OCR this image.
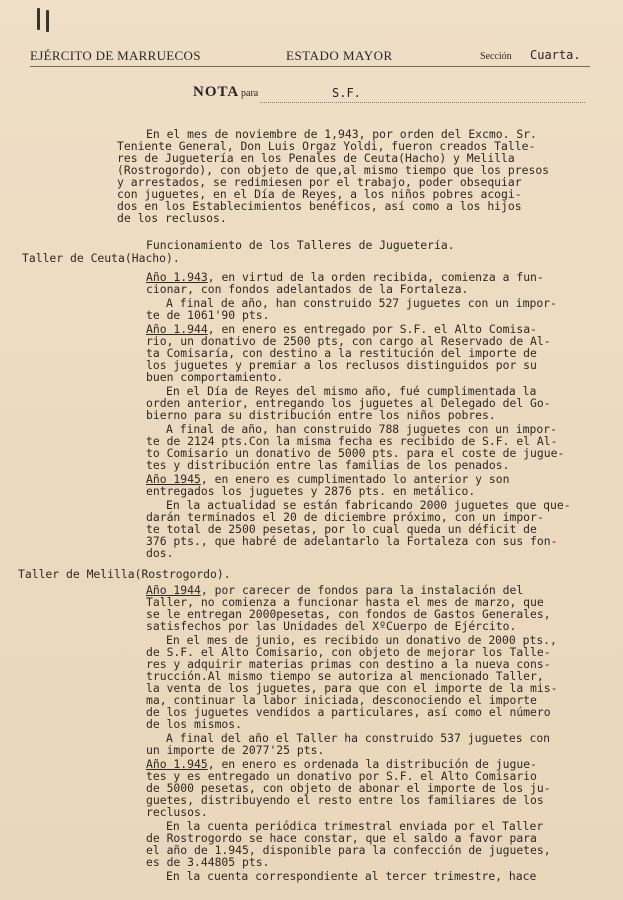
EJÉRCITO DE MARRUECOS	ESTADO MAYOR	Sección Cuarta.
NOTA para	S.F.
En el mes de noviembre de 1,943, por orden del Excmo. Sr.
Teniente General, Don Luis Orgaz Yoldi, fueron creados Talle-
res de Juguetería en los Penales de Ceuta(Hacho) y Melilla
(Rostrogordo), con objeto de que,al mismo tiempo que los presos
y arrestados, se redimiesen por el trabajo, poder obsequiar
con juguetes, en el Día de Reyes, a los niños pobres acogi-
dos en los Establecimientos benéficos, así como a los hijos
de los reclusos.
Funcionamiento de los Talleres de Juguetería.
Taller de Ceuta(Hacho).
Año 1.943, en virtud de la orden recibida, comienza a fun-
cionar, con fondos adelantados de la Fortaleza.
A final de año, han construido 527 juguetes con un impor-
te de 1061'90 pts.
Año 1.944, en enero es entregado por S.F. el Alto Comisa-
rio, un donativo de 2500 pts, con cargo al Reservado de Al-
ta Comisaría, con destino a la restitución del importe de
los juguetes y premiar a los reclusos distinguidos por su
buen comportamiento.
En el Día de Reyes del mismo año, fué cumplimentada la
orden anterior, entregando los juguetes al Delegado del Go-
bierno para su distribución entre los niños pobres.
A final de año, han construido 788 juguetes con un impor-
te de 2124 pts.Con la misma fecha es recibido de S.F. el Al-
to Comisario un donativo de 5000 pts. para el coste de jugue-
tes y distribución entre las familias de los penados.
Año 1945, en enero es cumplimentado lo anterior y son
entregados los juguetes y 2876 pts. en metálico.
En la actualidad se están fabricando 2000 juguetes que que-
darán terminados el 20 de diciembre próximo, con un impor-
te total de 2500 pesetas, por lo cual queda un déficit de
376 pts., que habré de adelantarlo la Fortaleza con sus fon-
dos.
Taller de Melilla(Rostrogordo).
Año 1944, por carecer de fondos para la instalación del
Taller, no comienza a funcionar hasta el mes de marzo, que
se le entregan 2000pesetas, con fondos de Gastos Generales,
satisfechos por las Unidades del XºCuerpo de Ejército.
En el mes de junio, es recibido un donativo de 2000 pts.,
de S.F. el Alto Comisario, con objeto de mejorar los Talle-
res y adquirir materias primas con destino a la nueva cons-
trucción.Al mismo tiempo se autoriza al mencionado Taller,
la venta de los juguetes, para que con el importe de la mis-
ma, continuar la labor iniciada, desconociendo el importe
de los juguetes vendidos a particulares, así como el número
de los mismos.
A final del año el Taller ha construido 537 juguetes con
un importe de 2077'25 pts.
Año 1.945, en enero es ordenada la distribución de jugue-
tes y es entregado un donativo por S.F. el Alto Comisario
de 5000 pesetas, con objeto de abonar el importe de los ju-
guetes, distribuyendo el resto entre los familiares de los
reclusos.
En la cuenta periódica trimestral enviada por el Taller
de Rostrogordo se hace constar, que el saldo a favor para
el año de 1.945, disponible para la confección de juguetes,
es de 3.44805 pts.
En la cuenta correspondiente al tercer trimestre, hace
